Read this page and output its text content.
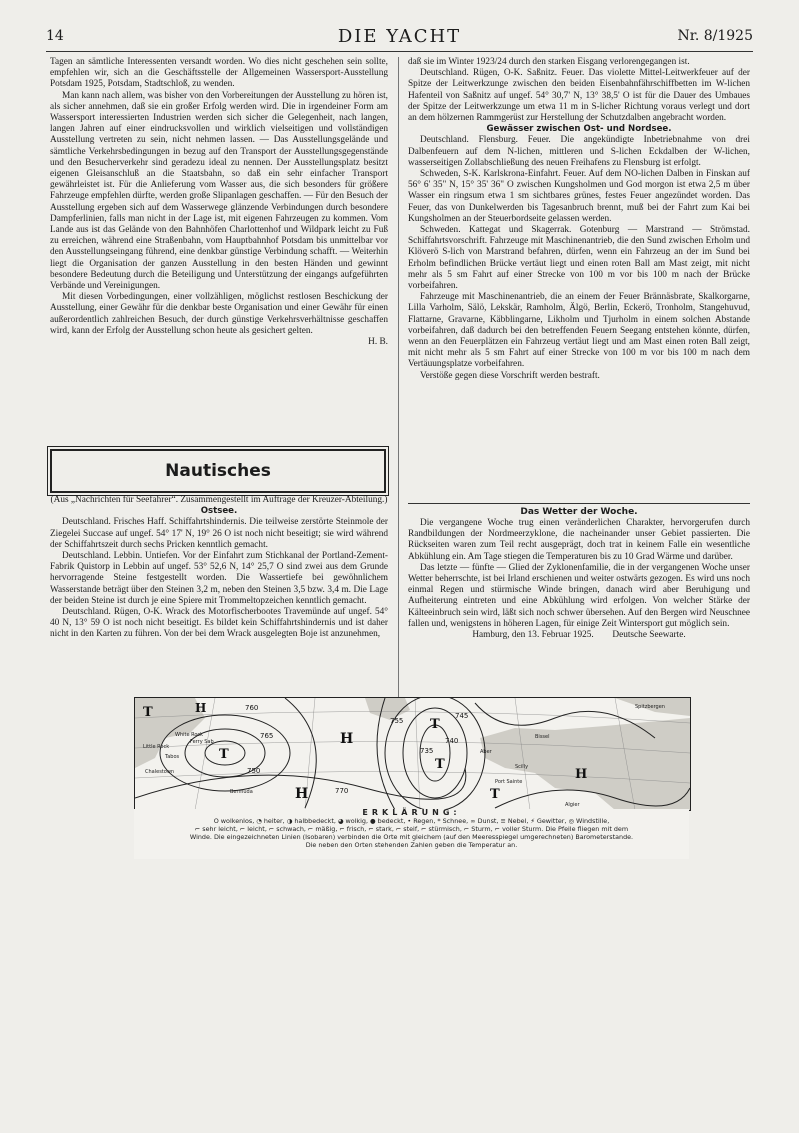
14	DIE YACHT	Nr. 8/1925

Tagen an sämtliche Interessenten versandt worden. Wo dies nicht geschehen sein sollte, empfehlen wir, sich an die Geschäftsstelle der Allgemeinen Wassersport-Ausstellung Potsdam 1925, Potsdam, Stadtschloß, zu wenden.

Man kann nach allem, was bisher von den Vorbereitungen der Ausstellung zu hören ist, als sicher annehmen, daß sie ein großer Erfolg werden wird. Die in irgendeiner Form am Wassersport interessierten Industrien werden sich sicher die Gelegenheit, nach langen, langen Jahren auf einer eindrucksvollen und wirklich vielseitigen und vollständigen Ausstellung vertreten zu sein, nicht nehmen lassen. — Das Ausstellungsgelände und sämtliche Verkehrsbedingungen in bezug auf den Transport der Ausstellungsgegenstände und den Besucherverkehr sind geradezu ideal zu nennen. Der Ausstellungsplatz besitzt eigenen Gleisanschluß an die Staatsbahn, so daß ein sehr einfacher Transport gewährleistet ist. Für die Anlieferung vom Wasser aus, die sich besonders für größere Fahrzeuge empfehlen dürfte, werden große Slipanlagen geschaffen. — Für den Besuch der Ausstellung ergeben sich auf dem Wasserwege glänzende Verbindungen durch besondere Dampferlinien, falls man nicht in der Lage ist, mit eigenen Fahrzeugen zu kommen. Vom Lande aus ist das Gelände von den Bahnhöfen Charlottenhof und Wildpark leicht zu Fuß zu erreichen, während eine Straßenbahn, vom Hauptbahnhof Potsdam bis unmittelbar vor den Ausstellungseingang führend, eine denkbar günstige Verbindung schafft. — Weiterhin liegt die Organisation der ganzen Ausstellung in den besten Händen und gewinnt besondere Bedeutung durch die Beteiligung und Unterstützung der eingangs aufgeführten Verbände und Vereinigungen.

Mit diesen Vorbedingungen, einer vollzähligen, möglichst restlosen Beschickung der Ausstellung, einer Gewähr für die denkbar beste Organisation und einer Gewähr für einen außerordentlich zahlreichen Besuch, der durch günstige Verkehrsverhältnisse geschaffen wird, kann der Erfolg der Ausstellung schon heute als gesichert gelten.

H. B.

Nautisches

(Aus „Nachrichten für Seefahrer“. Zusammengestellt im Auftrage der Kreuzer-Abteilung.)

Ostsee.

Deutschland. Frisches Haff. Schiffahrtshindernis. Die teilweise zerstörte Steinmole der Ziegelei Succase auf ungef. 54° 17' N, 19° 26 O ist noch nicht beseitigt; sie wird während der Schiffahrtszeit durch sechs Pricken kenntlich gemacht.

Deutschland. Lebbin. Untiefen. Vor der Einfahrt zum Stichkanal der Portland-Zement-Fabrik Quistorp in Lebbin auf ungef. 53° 52,6 N, 14° 25,7 O sind zwei aus dem Grunde hervorragende Steine festgestellt worden. Die Wassertiefe bei gewöhnlichem Wasserstande beträgt über den Steinen 3,2 m, neben den Steinen 3,5 bzw. 3,4 m. Die Lage der beiden Steine ist durch je eine Spiere mit Trommeltopzeichen kenntlich gemacht.

Deutschland. Rügen, O-K. Wrack des Motorfischerbootes Travemünde auf ungef. 54° 40 N, 13° 59 O ist noch nicht beseitigt. Es bildet kein Schiffahrtshindernis und ist daher nicht in den Karten zu führen. Von der bei dem Wrack ausgelegten Boje ist anzunehmen,

daß sie im Winter 1923/24 durch den starken Eisgang verlorengegangen ist.

Deutschland. Rügen, O-K. Saßnitz. Feuer. Das violette Mittel-Leitwerkfeuer auf der Spitze der Leitwerkzunge zwischen den beiden Eisenbahnfährschiffbetten im W-lichen Hafenteil von Saßnitz auf ungef. 54° 30,7' N, 13° 38,5' O ist für die Dauer des Umbaues der Spitze der Leitwerkzunge um etwa 11 m in S-licher Richtung voraus verlegt und dort an dem hölzernen Rammgerüst zur Herstellung der Schutzdalben angebracht worden.

Gewässer zwischen Ost- und Nordsee.

Deutschland. Flensburg. Feuer. Die angekündigte Inbetriebnahme von drei Dalbenfeuern auf dem N-lichen, mittleren und S-lichen Eckdalben der W-lichen, wasserseitigen Zollabschließung des neuen Freihafens zu Flensburg ist erfolgt.

Schweden, S-K. Karlskrona-Einfahrt. Feuer. Auf dem NO-lichen Dalben in Finskan auf 56° 6' 35" N, 15° 35' 36" O zwischen Kungsholmen und God morgon ist etwa 2,5 m über Wasser ein ringsum etwa 1 sm sichtbares grünes, festes Feuer angezündet worden. Das Feuer, das von Dunkelwerden bis Tagesanbruch brennt, muß bei der Fahrt zum Kai bei Kungsholmen an der Steuerbordseite gelassen werden.

Schweden. Kattegat und Skagerrak. Gotenburg — Marstrand — Strömstad. Schiffahrtsvorschrift. Fahrzeuge mit Maschinenantrieb, die den Sund zwischen Erholm und Klöverö S-lich von Marstrand befahren, dürfen, wenn ein Fahrzeug an der im Sund bei Erholm befindlichen Brücke vertäut liegt und einen roten Ball am Mast zeigt, mit nicht mehr als 5 sm Fahrt auf einer Strecke von 100 m vor bis 100 m nach der Brücke vorbeifahren.

Fahrzeuge mit Maschinenantrieb, die an einem der Feuer Brännäsbrate, Skalkorgarne, Lilla Varholm, Sälö, Lekskär, Ramholm, Älgö, Berlin, Eckerö, Tronholm, Stangehuvud, Flattarne, Gravarne, Käbblingarne, Likholm und Tjurholm in einem solchen Abstande vorbeifahren, daß dadurch bei den betreffenden Feuern Seegang entstehen könnte, dürfen, wenn an den Feuerplätzen ein Fahrzeug vertäut liegt und am Mast einen roten Ball zeigt, mit nicht mehr als 5 sm Fahrt auf einer Strecke von 100 m vor bis 100 m nach dem Vertäuungsplatze vorbeifahren.

Verstöße gegen diese Vorschrift werden bestraft.

Das Wetter der Woche.

Die vergangene Woche trug einen veränderlichen Charakter, hervorgerufen durch Randbildungen der Nordmeerzyklone, die nacheinander unser Gebiet passierten. Die Rückseiten waren zum Teil recht ausgeprägt, doch trat in keinem Falle ein wesentliche Abkühlung ein. Am Tage stiegen die Temperaturen bis zu 10 Grad Wärme und darüber.

Das letzte — fünfte — Glied der Zyklonenfamilie, die in der vergangenen Woche unser Wetter beherrschte, ist bei Irland erschienen und weiter ostwärts gezogen. Es wird uns noch einmal Regen und stürmische Winde bringen, danach wird aber Beruhigung und Aufheiterung eintreten und eine Abkühlung wird erfolgen. Von welcher Stärke der Kälteeinbruch sein wird, läßt sich noch schwer übersehen. Auf den Bergen wird Neuschnee fallen und, wenigstens in höheren Lagen, für einige Zeit Wintersport gut möglich sein.

Hamburg, den 13. Februar 1925. Deutsche Seewarte.

T
T
H
H
H
T
T
H
T
760
765
770
750
755
745
740
735
Little Rock
White Rock
Chalestown
Ferry Sab
Tabos
Bermuda
Scilly
Bissel
Aber
Spitzbergen
Algier
Port Sainte
ERKLÄRUNG:
O wolkenlos, ◔ heiter, ◑ halbbedeckt, ◕ wolkig, ● bedeckt, • Regen, * Schnee, ∞ Dunst, ≡ Nebel, ⚡ Gewitter, ◎ Windstille,
⌐ sehr leicht, ⌐ leicht, ⌐ schwach, ⌐ mäßig, ⌐ frisch, ⌐ stark, ⌐ steif, ⌐ stürmisch, ⌐ Sturm, ⌐ voller Sturm. Die Pfeile fliegen mit dem
Winde. Die eingezeichneten Linien (Isobaren) verbinden die Orte mit gleichem (auf den Meeresspiegel umgerechneten) Barometerstande.
Die neben den Orten stehenden Zahlen geben die Temperatur an.
